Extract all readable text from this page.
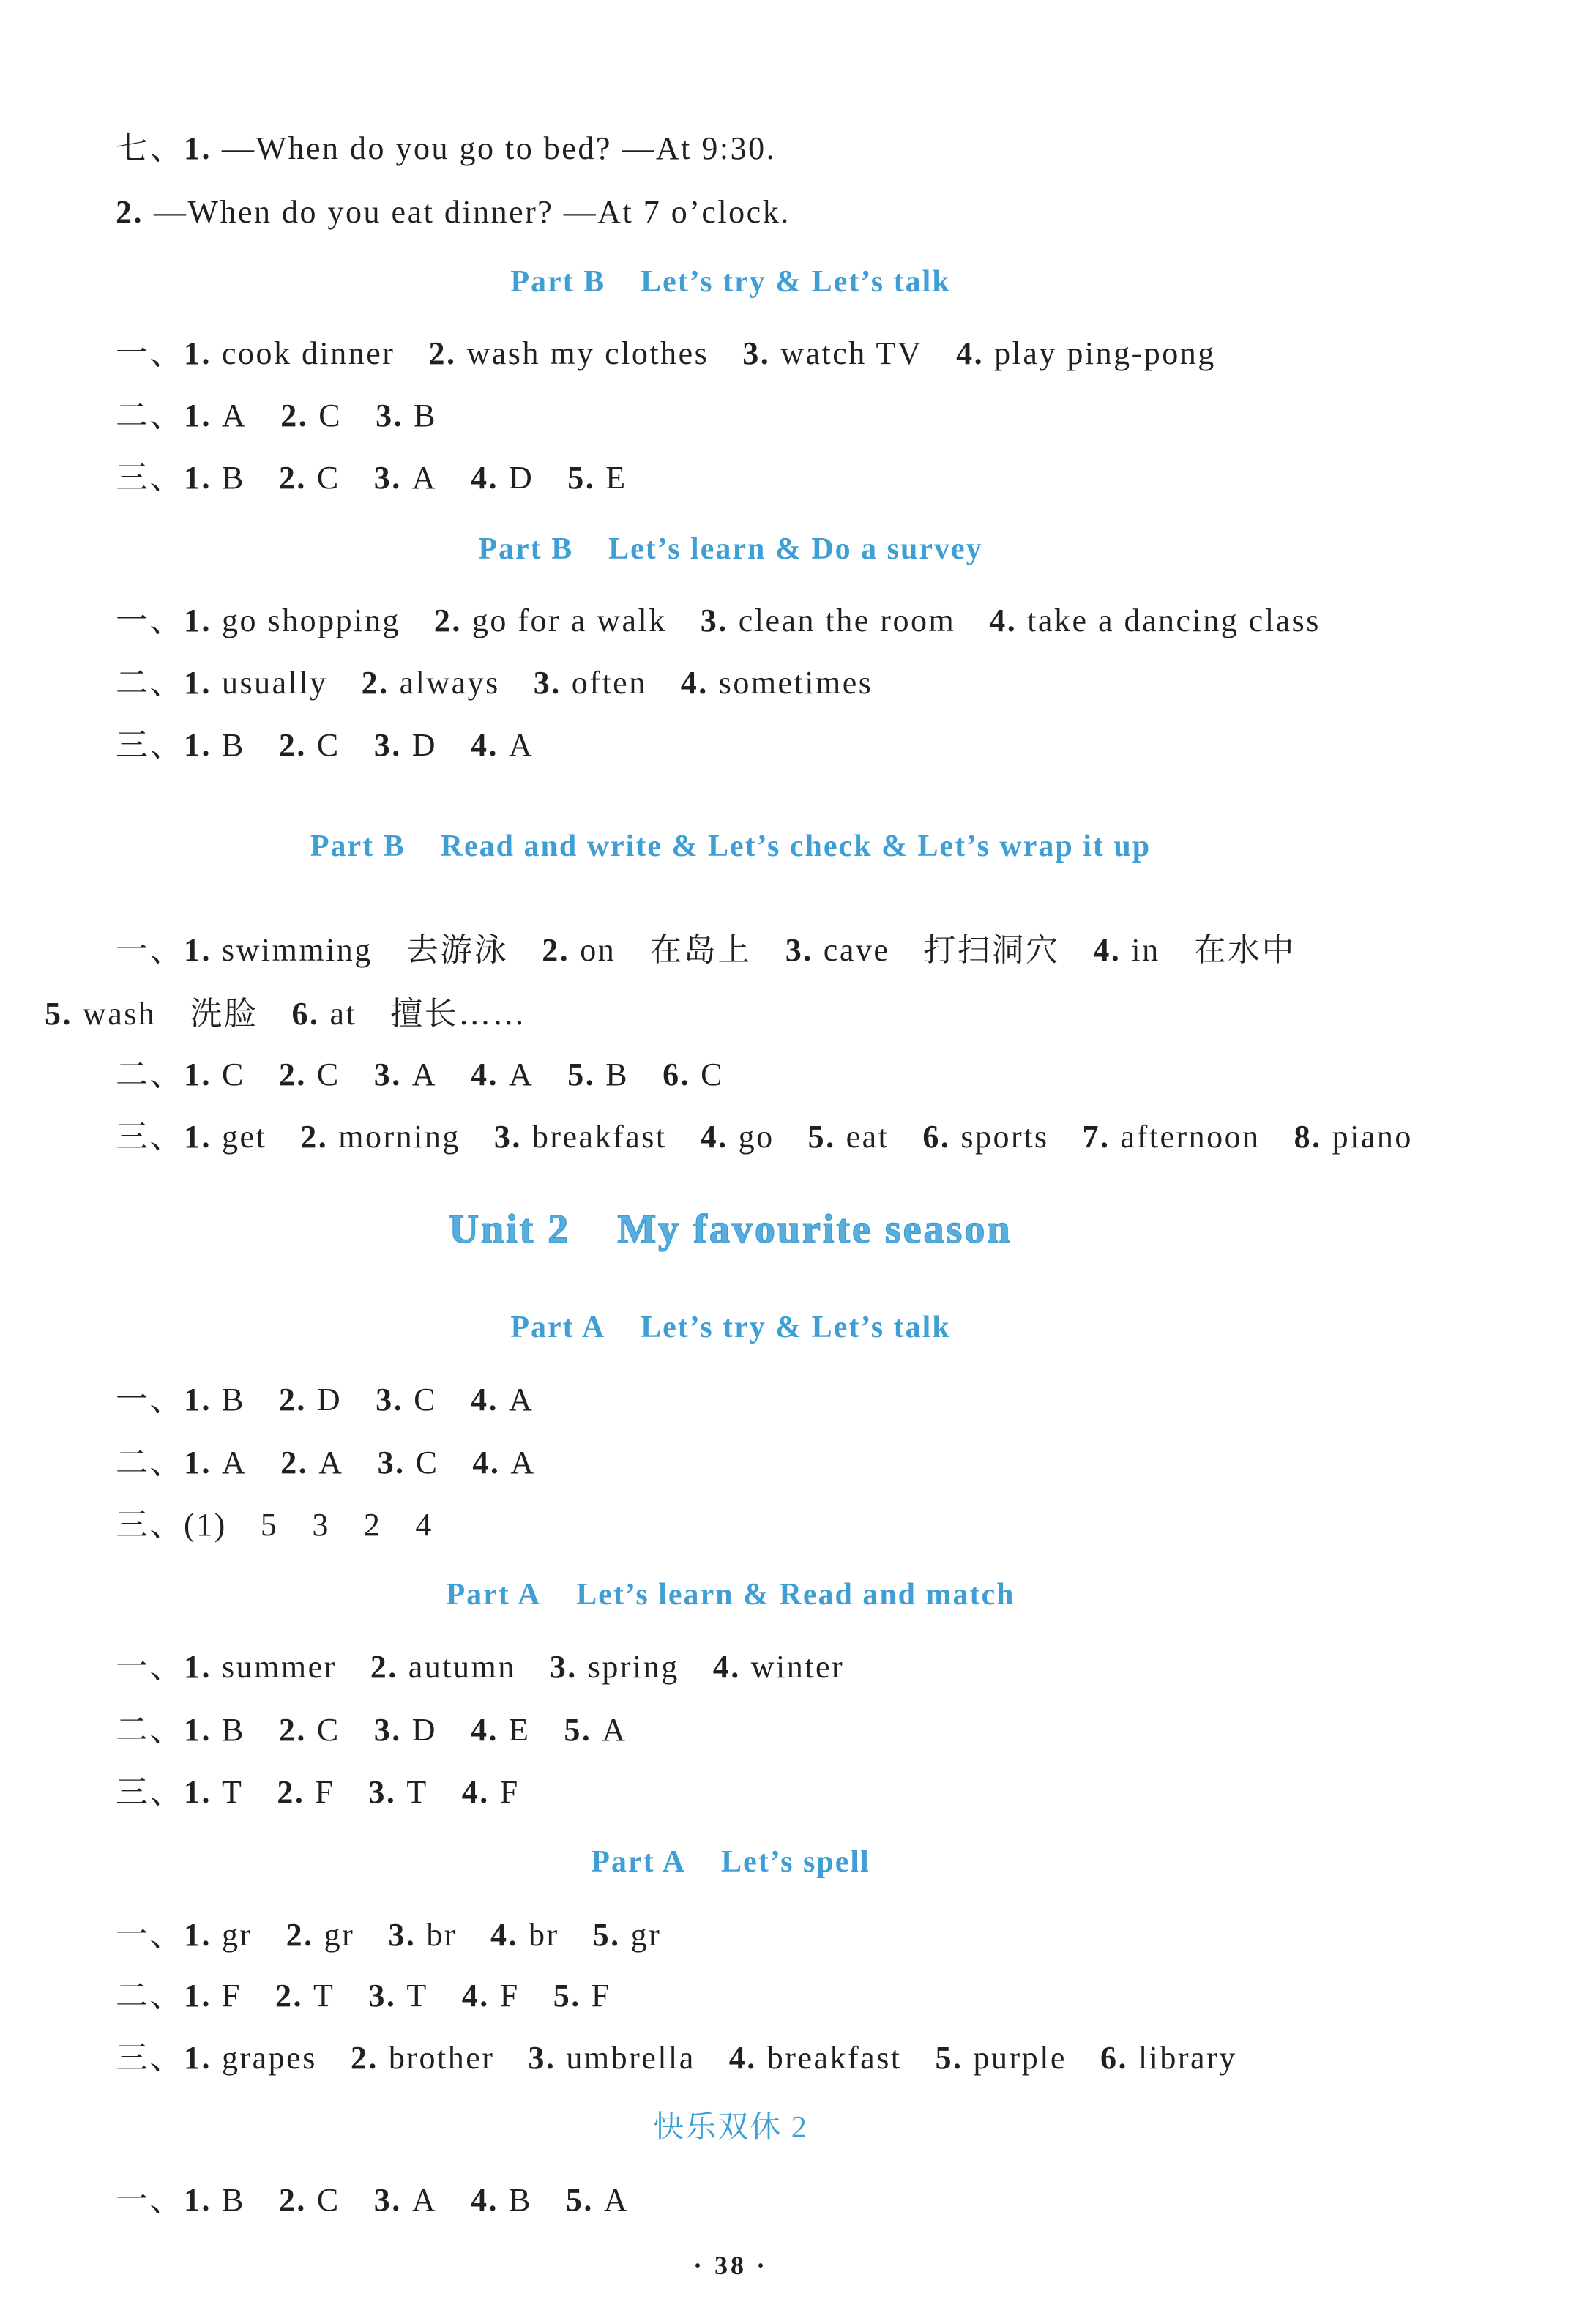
七、1. —When do you go to bed? —At 9:30.
2. —When do you eat dinner? —At 7 o’clock.
Part B Let’s try & Let’s talk
一、1. cook dinner 2. wash my clothes 3. watch TV 4. play ping-pong
二、1. A 2. C 3. B
三、1. B 2. C 3. A 4. D 5. E
Part B Let’s learn & Do a survey
一、1. go shopping 2. go for a walk 3. clean the room 4. take a dancing class
二、1. usually 2. always 3. often 4. sometimes
三、1. B 2. C 3. D 4. A
Part B Read and write & Let’s check & Let’s wrap it up
一、1. swimming 去游泳 2. on 在岛上 3. cave 打扫洞穴 4. in 在水中
5. wash 洗脸 6. at 擅长……
二、1. C 2. C 3. A 4. A 5. B 6. C
三、1. get 2. morning 3. breakfast 4. go 5. eat 6. sports 7. afternoon 8. piano
Unit 2 My favourite season
Part A Let’s try & Let’s talk
一、1. B 2. D 3. C 4. A
二、1. A 2. A 3. C 4. A
三、(1) 5 3 2 4
Part A Let’s learn & Read and match
一、1. summer 2. autumn 3. spring 4. winter
二、1. B 2. C 3. D 4. E 5. A
三、1. T 2. F 3. T 4. F
Part A Let’s spell
一、1. gr 2. gr 3. br 4. br 5. gr
二、1. F 2. T 3. T 4. F 5. F
三、1. grapes 2. brother 3. umbrella 4. breakfast 5. purple 6. library
快乐双休 2
一、1. B 2. C 3. A 4. B 5. A
· 38 ·
